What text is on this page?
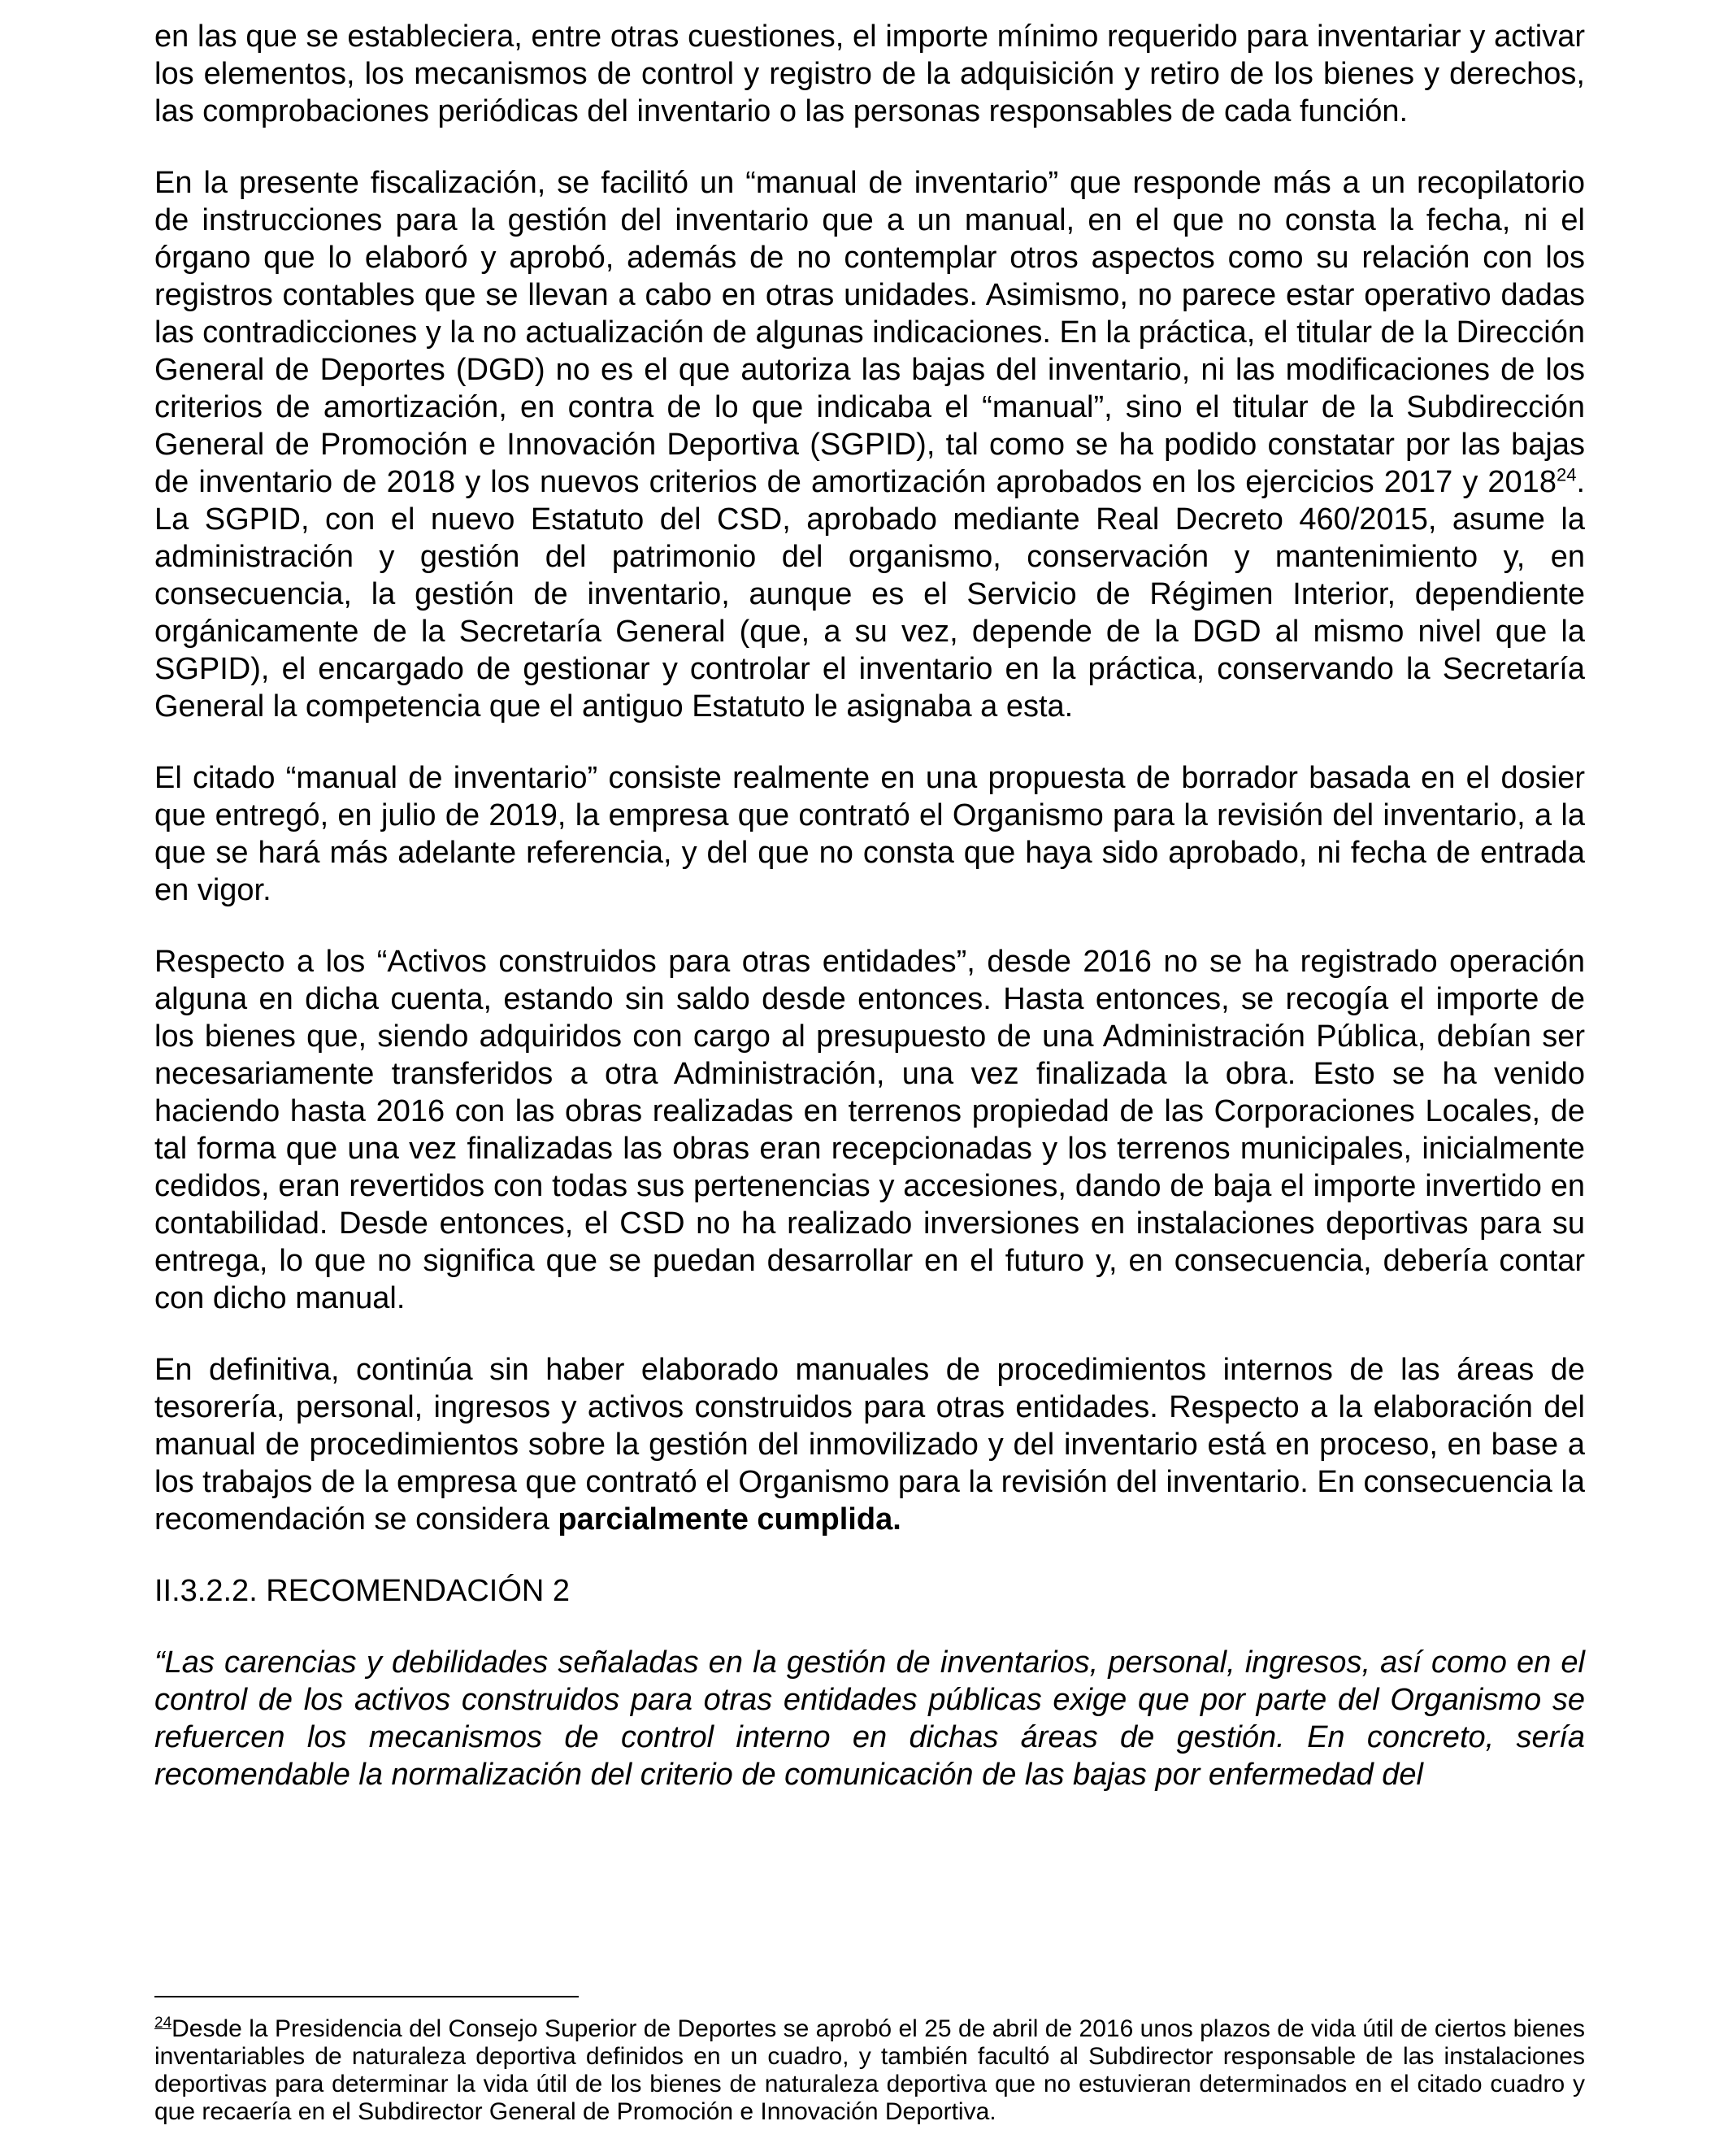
en las que se estableciera, entre otras cuestiones, el importe mínimo requerido para inventariar y activar los elementos, los mecanismos de control y registro de la adquisición y retiro de los bienes y derechos, las comprobaciones periódicas del inventario o las personas responsables de cada función.

En la presente fiscalización, se facilitó un “manual de inventario” que responde más a un recopilatorio de instrucciones para la gestión del inventario que a un manual, en el que no consta la fecha, ni el órgano que lo elaboró y aprobó, además de no contemplar otros aspectos como su relación con los registros contables que se llevan a cabo en otras unidades. Asimismo, no parece estar operativo dadas las contradicciones y la no actualización de algunas indicaciones. En la práctica, el titular de la Dirección General de Deportes (DGD) no es el que autoriza las bajas del inventario, ni las modificaciones de los criterios de amortización, en contra de lo que indicaba el “manual”, sino el titular de la Subdirección General de Promoción e Innovación Deportiva (SGPID), tal como se ha podido constatar por las bajas de inventario de 2018 y los nuevos criterios de amortización aprobados en los ejercicios 2017 y 2018$^{24}$. La SGPID, con el nuevo Estatuto del CSD, aprobado mediante Real Decreto 460/2015, asume la administración y gestión del patrimonio del organismo, conservación y mantenimiento y, en consecuencia, la gestión de inventario, aunque es el Servicio de Régimen Interior, dependiente orgánicamente de la Secretaría General (que, a su vez, depende de la DGD al mismo nivel que la SGPID), el encargado de gestionar y controlar el inventario en la práctica, conservando la Secretaría General la competencia que el antiguo Estatuto le asignaba a esta.

El citado “manual de inventario” consiste realmente en una propuesta de borrador basada en el dosier que entregó, en julio de 2019, la empresa que contrató el Organismo para la revisión del inventario, a la que se hará más adelante referencia, y del que no consta que haya sido aprobado, ni fecha de entrada en vigor.

Respecto a los “Activos construidos para otras entidades”, desde 2016 no se ha registrado operación alguna en dicha cuenta, estando sin saldo desde entonces. Hasta entonces, se recogía el importe de los bienes que, siendo adquiridos con cargo al presupuesto de una Administración Pública, debían ser necesariamente transferidos a otra Administración, una vez finalizada la obra. Esto se ha venido haciendo hasta 2016 con las obras realizadas en terrenos propiedad de las Corporaciones Locales, de tal forma que una vez finalizadas las obras eran recepcionadas y los terrenos municipales, inicialmente cedidos, eran revertidos con todas sus pertenencias y accesiones, dando de baja el importe invertido en contabilidad. Desde entonces, el CSD no ha realizado inversiones en instalaciones deportivas para su entrega, lo que no significa que se puedan desarrollar en el futuro y, en consecuencia, debería contar con dicho manual.

En definitiva, continúa sin haber elaborado manuales de procedimientos internos de las áreas de tesorería, personal, ingresos y activos construidos para otras entidades. Respecto a la elaboración del manual de procedimientos sobre la gestión del inmovilizado y del inventario está en proceso, en base a los trabajos de la empresa que contrató el Organismo para la revisión del inventario. En consecuencia la recomendación se considera parcialmente cumplida.

II.3.2.2. RECOMENDACIÓN 2

“Las carencias y debilidades señaladas en la gestión de inventarios, personal, ingresos, así como en el control de los activos construidos para otras entidades públicas exige que por parte del Organismo se refuercen los mecanismos de control interno en dichas áreas de gestión. En concreto, sería recomendable la normalización del criterio de comunicación de las bajas por enfermedad del

$^{24}$Desde la Presidencia del Consejo Superior de Deportes se aprobó el 25 de abril de 2016 unos plazos de vida útil de ciertos bienes inventariables de naturaleza deportiva definidos en un cuadro, y también facultó al Subdirector responsable de las instalaciones deportivas para determinar la vida útil de los bienes de naturaleza deportiva que no estuvieran determinados en el citado cuadro y que recaería en el Subdirector General de Promoción e Innovación Deportiva.
